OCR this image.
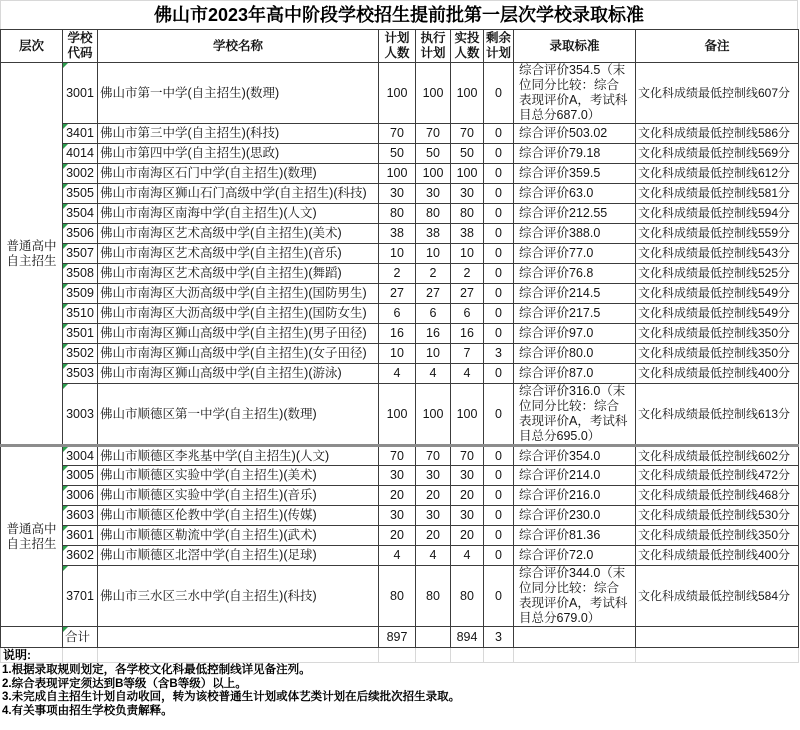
佛山市2023年高中阶段学校招生提前批第一层次学校录取标准
层次	学校代码	学校名称	计划人数	执行计划	实投人数	剩余计划	录取标准	备注
普通高中自主招生	3001	佛山市第一中学(自主招生)(数理)	100	100	100	0	综合评价354.5（末位同分比较：综合表现评价A，考试科目总分687.0）	文化科成绩最低控制线607分
	3401	佛山市第三中学(自主招生)(科技)	70	70	70	0	综合评价503.02	文化科成绩最低控制线586分
	4014	佛山市第四中学(自主招生)(思政)	50	50	50	0	综合评价79.18	文化科成绩最低控制线569分
	3002	佛山市南海区石门中学(自主招生)(数理)	100	100	100	0	综合评价359.5	文化科成绩最低控制线612分
	3505	佛山市南海区狮山石门高级中学(自主招生)(科技)	30	30	30	0	综合评价63.0	文化科成绩最低控制线581分
	3504	佛山市南海区南海中学(自主招生)(人文)	80	80	80	0	综合评价212.55	文化科成绩最低控制线594分
	3506	佛山市南海区艺术高级中学(自主招生)(美术)	38	38	38	0	综合评价388.0	文化科成绩最低控制线559分
	3507	佛山市南海区艺术高级中学(自主招生)(音乐)	10	10	10	0	综合评价77.0	文化科成绩最低控制线543分
	3508	佛山市南海区艺术高级中学(自主招生)(舞蹈)	2	2	2	0	综合评价76.8	文化科成绩最低控制线525分
	3509	佛山市南海区大沥高级中学(自主招生)(国防男生)	27	27	27	0	综合评价214.5	文化科成绩最低控制线549分
	3510	佛山市南海区大沥高级中学(自主招生)(国防女生)	6	6	6	0	综合评价217.5	文化科成绩最低控制线549分
	3501	佛山市南海区狮山高级中学(自主招生)(男子田径)	16	16	16	0	综合评价97.0	文化科成绩最低控制线350分
	3502	佛山市南海区狮山高级中学(自主招生)(女子田径)	10	10	7	3	综合评价80.0	文化科成绩最低控制线350分
	3503	佛山市南海区狮山高级中学(自主招生)(游泳)	4	4	4	0	综合评价87.0	文化科成绩最低控制线400分
	3003	佛山市顺德区第一中学(自主招生)(数理)	100	100	100	0	综合评价316.0（末位同分比较：综合表现评价A，考试科目总分695.0）	文化科成绩最低控制线613分
普通高中自主招生	3004	佛山市顺德区李兆基中学(自主招生)(人文)	70	70	70	0	综合评价354.0	文化科成绩最低控制线602分
	3005	佛山市顺德区实验中学(自主招生)(美术)	30	30	30	0	综合评价214.0	文化科成绩最低控制线472分
	3006	佛山市顺德区实验中学(自主招生)(音乐)	20	20	20	0	综合评价216.0	文化科成绩最低控制线468分
	3603	佛山市顺德区伦教中学(自主招生)(传媒)	30	30	30	0	综合评价230.0	文化科成绩最低控制线530分
	3601	佛山市顺德区勒流中学(自主招生)(武术)	20	20	20	0	综合评价81.36	文化科成绩最低控制线350分
	3602	佛山市顺德区北滘中学(自主招生)(足球)	4	4	4	0	综合评价72.0	文化科成绩最低控制线400分
	3701	佛山市三水区三水中学(自主招生)(科技)	80	80	80	0	综合评价344.0（末位同分比较：综合表现评价A，考试科目总分679.0）	文化科成绩最低控制线584分
	合计		897		894	3		

说明:								

1.根据录取规则划定，各学校文化科最低控制线详见备注列。
2.综合表现评定须达到B等级（含B等级）以上。
3.未完成自主招生计划自动收回，转为该校普通生计划或体艺类计划在后续批次招生录取。
4.有关事项由招生学校负责解释。
